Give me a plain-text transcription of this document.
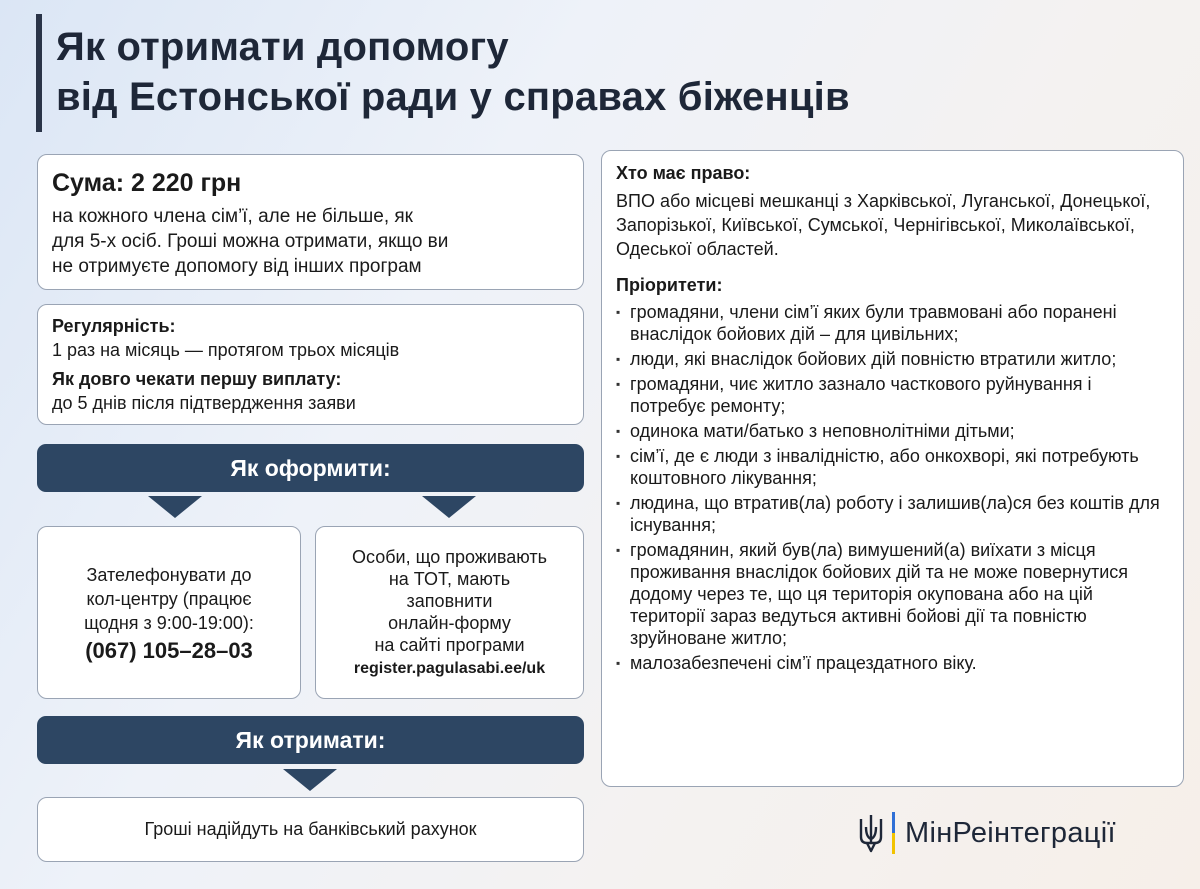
Як отримати допомогу
від Естонської ради у справах біженців
Сума: 2 220 грн
на кожного члена сім’ї, але не більше, як
для 5-х осіб. Гроші можна отримати, якщо ви
не отримуєте допомогу від інших програм
Регулярність:
1 раз на місяць — протягом трьох місяців
Як довго чекати першу виплату:
до 5 днів після підтвердження заяви
Як оформити:
Зателефонувати до
кол-центру (працює
щодня з 9:00-19:00):
(067) 105–28–03
Особи, що проживають
на ТОТ, мають
заповнити
онлайн-форму
на сайті програми
register.pagulasabi.ee/uk
Як отримати:
Гроші надійдуть на банківський рахунок
Хто має право:
ВПО або місцеві мешканці з Харківської, Луганської, Донецької, Запорізької, Київської, Сумської, Чернігівської, Миколаївської, Одеської областей.
Пріоритети:
▪ громадяни, члени сім’ї яких були травмовані або поранені внаслідок бойових дій – для цивільних;
▪ люди, які внаслідок бойових дій повністю втратили житло;
▪ громадяни, чиє житло зазнало часткового руйнування і потребує ремонту;
▪ одинока мати/батько з неповнолітніми дітьми;
▪ сім’ї, де є люди з інвалідністю, або онкохворі, які потребують коштовного лікування;
▪ людина, що втратив(ла) роботу і залишив(ла)ся без коштів для існування;
▪ громадянин, який був(ла) вимушений(а) виїхати з місця проживання внаслідок бойових дій та не може повернутися додому через те, що ця територія окупована або на цій території зараз ведуться активні бойові дії та повністю зруйноване житло;
▪ малозабезпечені сім’ї працездатного віку.
МінРеінтеграції
